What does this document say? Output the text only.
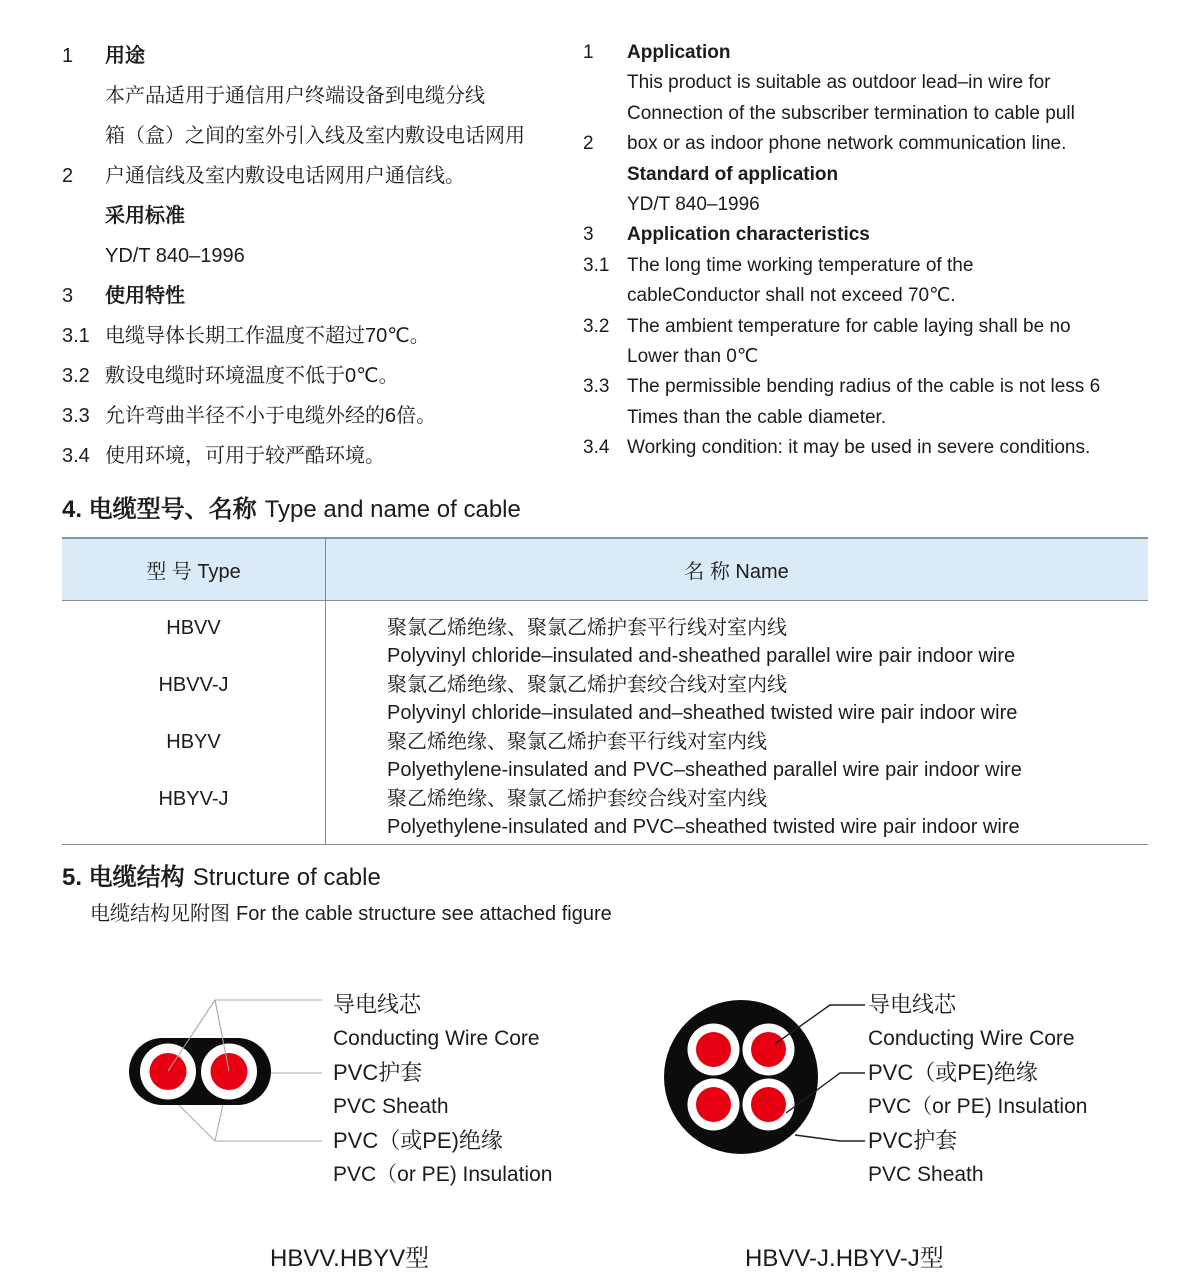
1	用途
本产品适用于通信用户终端设备到电缆分线
箱（盒）之间的室外引入线及室内敷设电话网用
2	户通信线及室内敷设电话网用户通信线。
采用标准
YD/T 840–1996
3	使用特性
3.1 电缆导体长期工作温度不超过70℃。
3.2 敷设电缆时环境温度不低于0℃。
3.3 允许弯曲半径不小于电缆外经的6倍。
3.4 使用环境，可用于较严酷环境。
1	Application
This product is suitable as outdoor lead–in wire for
Connection of the subscriber termination to cable pull
2	box or as indoor phone network communication line.
Standard of application
YD/T 840–1996
3	Application characteristics
3.1 The long time working temperature of the
cableConductor shall not exceed 70℃.
3.2 The ambient temperature for cable laying shall be no
Lower than 0℃
3.3 The permissible bending radius of the cable is not less 6
Times than the cable diameter.
3.4 Working condition: it may be used in severe conditions.
4. 电缆型号、名称 Type and name of cable
型 号 Type	名 称 Name
HBVV	聚氯乙烯绝缘、聚氯乙烯护套平行线对室内线
Polyvinyl chloride–insulated and-sheathed parallel wire pair indoor wire
HBVV-J	聚氯乙烯绝缘、聚氯乙烯护套绞合线对室内线
Polyvinyl chloride–insulated and–sheathed twisted wire pair indoor wire
HBYV	聚乙烯绝缘、聚氯乙烯护套平行线对室内线
Polyethylene-insulated and PVC–sheathed parallel wire pair indoor wire
HBYV-J	聚乙烯绝缘、聚氯乙烯护套绞合线对室内线
Polyethylene-insulated and PVC–sheathed twisted wire pair indoor wire
5. 电缆结构 Structure of cable
电缆结构见附图 For the cable structure see attached figure
导电线芯
Conducting Wire Core
PVC护套
PVC Sheath
PVC（或PE)绝缘
PVC（or PE) Insulation
导电线芯
Conducting Wire Core
PVC（或PE)绝缘
PVC（or PE) Insulation
PVC护套
PVC Sheath
HBVV.HBYV型	HBVV-J.HBYV-J型
